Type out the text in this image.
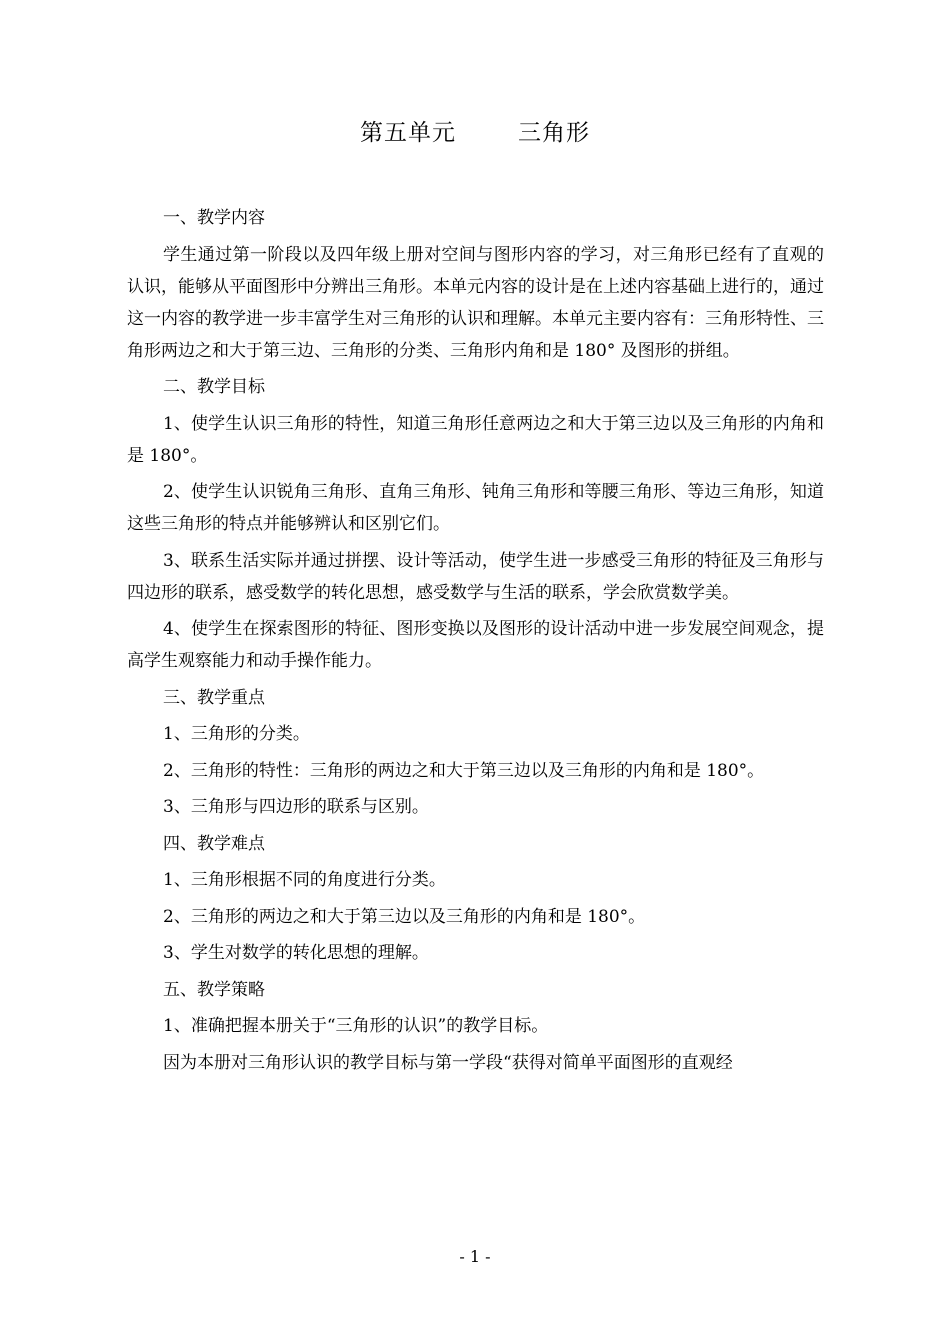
第五单元	三角形

一、教学内容

学生通过第一阶段以及四年级上册对空间与图形内容的学习，对三角形已经有了直观的认识，能够从平面图形中分辨出三角形。本单元内容的设计是在上述内容基础上进行的，通过这一内容的教学进一步丰富学生对三角形的认识和理解。本单元主要内容有：三角形特性、三角形两边之和大于第三边、三角形的分类、三角形内角和是 180° 及图形的拼组。

二、教学目标

1、使学生认识三角形的特性，知道三角形任意两边之和大于第三边以及三角形的内角和是 180°。

2、使学生认识锐角三角形、直角三角形、钝角三角形和等腰三角形、等边三角形，知道这些三角形的特点并能够辨认和区别它们。

3、联系生活实际并通过拼摆、设计等活动，使学生进一步感受三角形的特征及三角形与四边形的联系，感受数学的转化思想，感受数学与生活的联系，学会欣赏数学美。

4、使学生在探索图形的特征、图形变换以及图形的设计活动中进一步发展空间观念，提高学生观察能力和动手操作能力。

三、教学重点

1、三角形的分类。

2、三角形的特性：三角形的两边之和大于第三边以及三角形的内角和是 180°。

3、三角形与四边形的联系与区别。

四、教学难点

1、三角形根据不同的角度进行分类。

2、三角形的两边之和大于第三边以及三角形的内角和是 180°。

3、学生对数学的转化思想的理解。

五、教学策略

1、准确把握本册关于“三角形的认识”的教学目标。

因为本册对三角形认识的教学目标与第一学段“获得对简单平面图形的直观经

- 1 -
